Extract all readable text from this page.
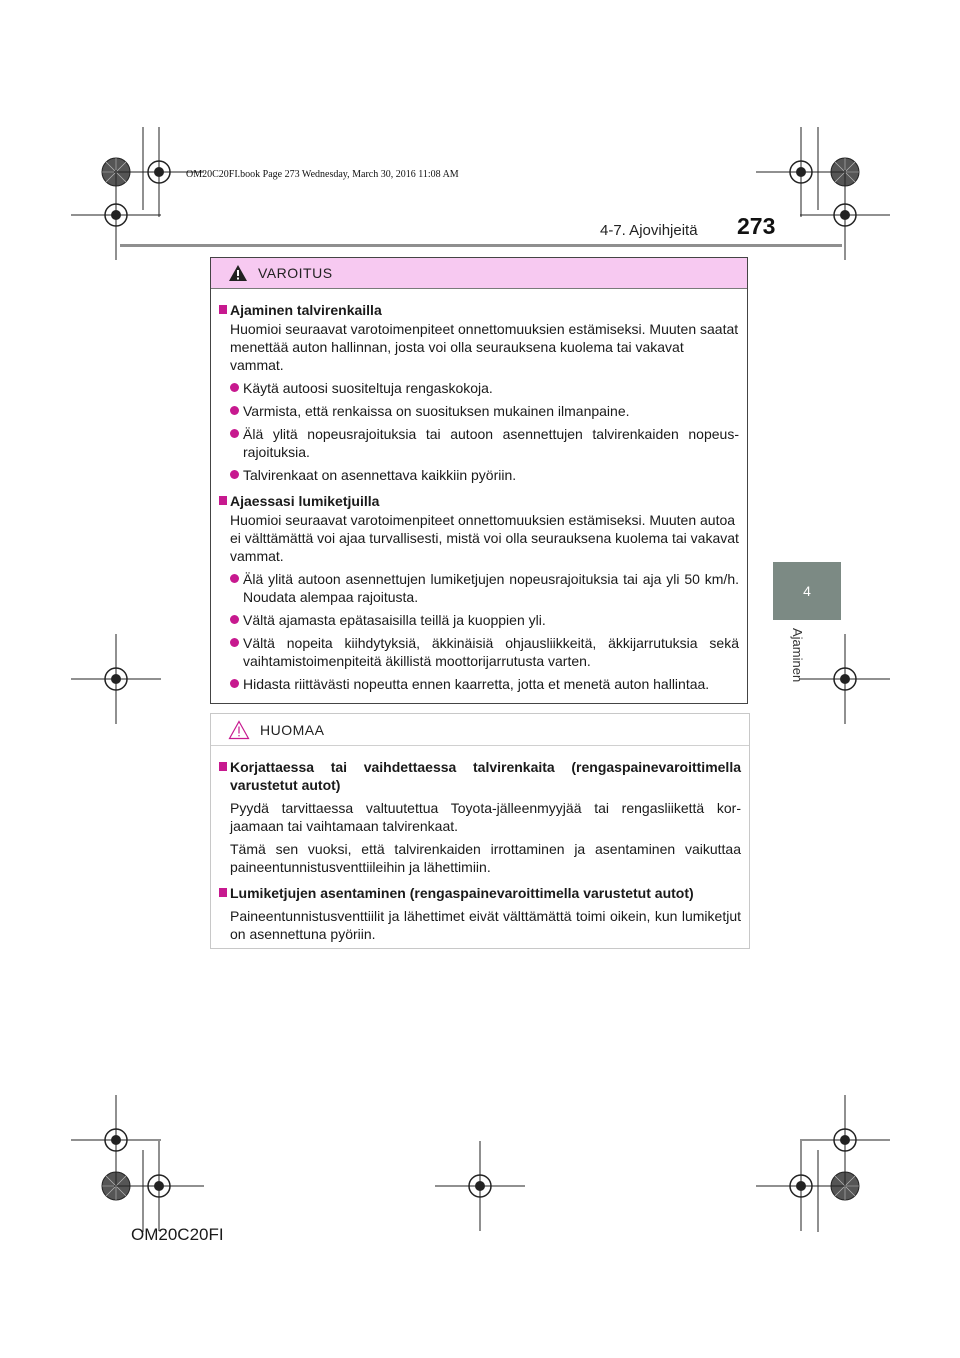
OM20C20FI.book Page 273 Wednesday, March 30, 2016 11:08 AM
4-7. Ajovihjeitä 273
4
Ajaminen
VAROITUS
Ajaminen talvirenkailla
Huomioi seuraavat varotoimenpiteet onnettomuuksien estämiseksi. Muuten saatat menettää auton hallinnan, josta voi olla seurauksena kuolema tai vakavat vammat.
Käytä autoosi suositeltuja rengaskokoja.
Varmista, että renkaissa on suosituksen mukainen ilmanpaine.
Älä ylitä nopeusrajoituksia tai autoon asennettujen talvirenkaiden nopeus-rajoituksia.
Talvirenkaat on asennettava kaikkiin pyöriin.
Ajaessasi lumiketjuilla
Huomioi seuraavat varotoimenpiteet onnettomuuksien estämiseksi. Muuten autoa ei välttämättä voi ajaa turvallisesti, mistä voi olla seurauksena kuolema tai vakavat vammat.
Älä ylitä autoon asennettujen lumiketjujen nopeusrajoituksia tai aja yli 50 km/h. Noudata alempaa rajoitusta.
Vältä ajamasta epätasaisilla teillä ja kuoppien yli.
Vältä nopeita kiihdytyksiä, äkkinäisiä ohjausliikkeitä, äkkijarrutuksia sekä vaihtamistoimenpiteitä äkillistä moottorijarrutusta varten.
Hidasta riittävästi nopeutta ennen kaarretta, jotta et menetä auton hallintaa.
HUOMAA
Korjattaessa tai vaihdettaessa talvirenkaita (rengaspainevaroittimella varustetut autot)
Pyydä tarvittaessa valtuutettua Toyota-jälleenmyyjää tai rengasliikettä kor-jaamaan tai vaihtamaan talvirenkaat.
Tämä sen vuoksi, että talvirenkaiden irrottaminen ja asentaminen vaikuttaa paineentunnistusventtiileihin ja lähettimiin.
Lumiketjujen asentaminen (rengaspainevaroittimella varustetut autot)
Paineentunnistusventtiilit ja lähettimet eivät välttämättä toimi oikein, kun lumiketjut on asennettuna pyöriin.
OM20C20FI
